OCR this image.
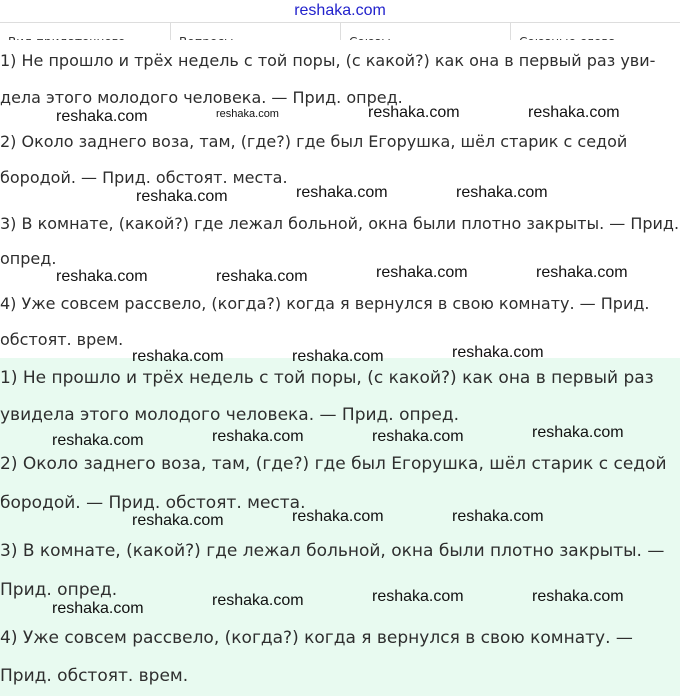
reshaka.com
1) Не прошло и трёх недель с той поры, (с какой?) как она в первый раз уви-
дела этого молодого человека. — Прид. опред.
2) Около заднего воза, там, (где?) где был Егорушка, шёл старик с седой
бородой. — Прид. обстоят. места.
3) В комнате, (какой?) где лежал больной, окна были плотно закрыты. — Прид.
опред.
4) Уже совсем рассвело, (когда?) когда я вернулся в свою комнату. — Прид.
обстоят. врем.
1) Не прошло и трёх недель с той поры, (с какой?) как она в первый раз
увидела этого молодого человека. — Прид. опред.
2) Около заднего воза, там, (где?) где был Егорушка, шёл старик с седой
бородой. — Прид. обстоят. места.
3) В комнате, (какой?) где лежал больной, окна были плотно закрыты. —
Прид. опред.
4) Уже совсем рассвело, (когда?) когда я вернулся в свою комнату. —
Прид. обстоят. врем.
reshaka.com	reshaka.com	reshaka.com	reshaka.com
reshaka.com	reshaka.com	reshaka.com
reshaka.com	reshaka.com	reshaka.com	reshaka.com
reshaka.com	reshaka.com	reshaka.com
reshaka.com	reshaka.com	reshaka.com	reshaka.com
reshaka.com	reshaka.com	reshaka.com
reshaka.com	reshaka.com	reshaka.com	reshaka.com
